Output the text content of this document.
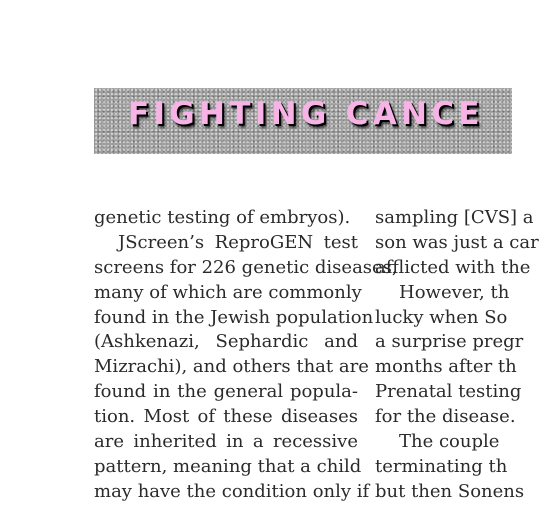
FIGHTING CANCE
genetic testing of embryos).
JScreen’s ReproGEN test
screens for 226 genetic diseases,
many of which are commonly
found in the Jewish population
(Ashkenazi, Sephardic and
Mizrachi), and others that are
found in the general popula-
tion. Most of these diseases
are inherited in a recessive
pattern, meaning that a child
may have the condition only if
sampling [CVS] a
son was just a car
afflicted with the
However, th
lucky when So
a surprise pregr
months after th
Prenatal testing
for the disease.
The couple
terminating th
but then Sonens
